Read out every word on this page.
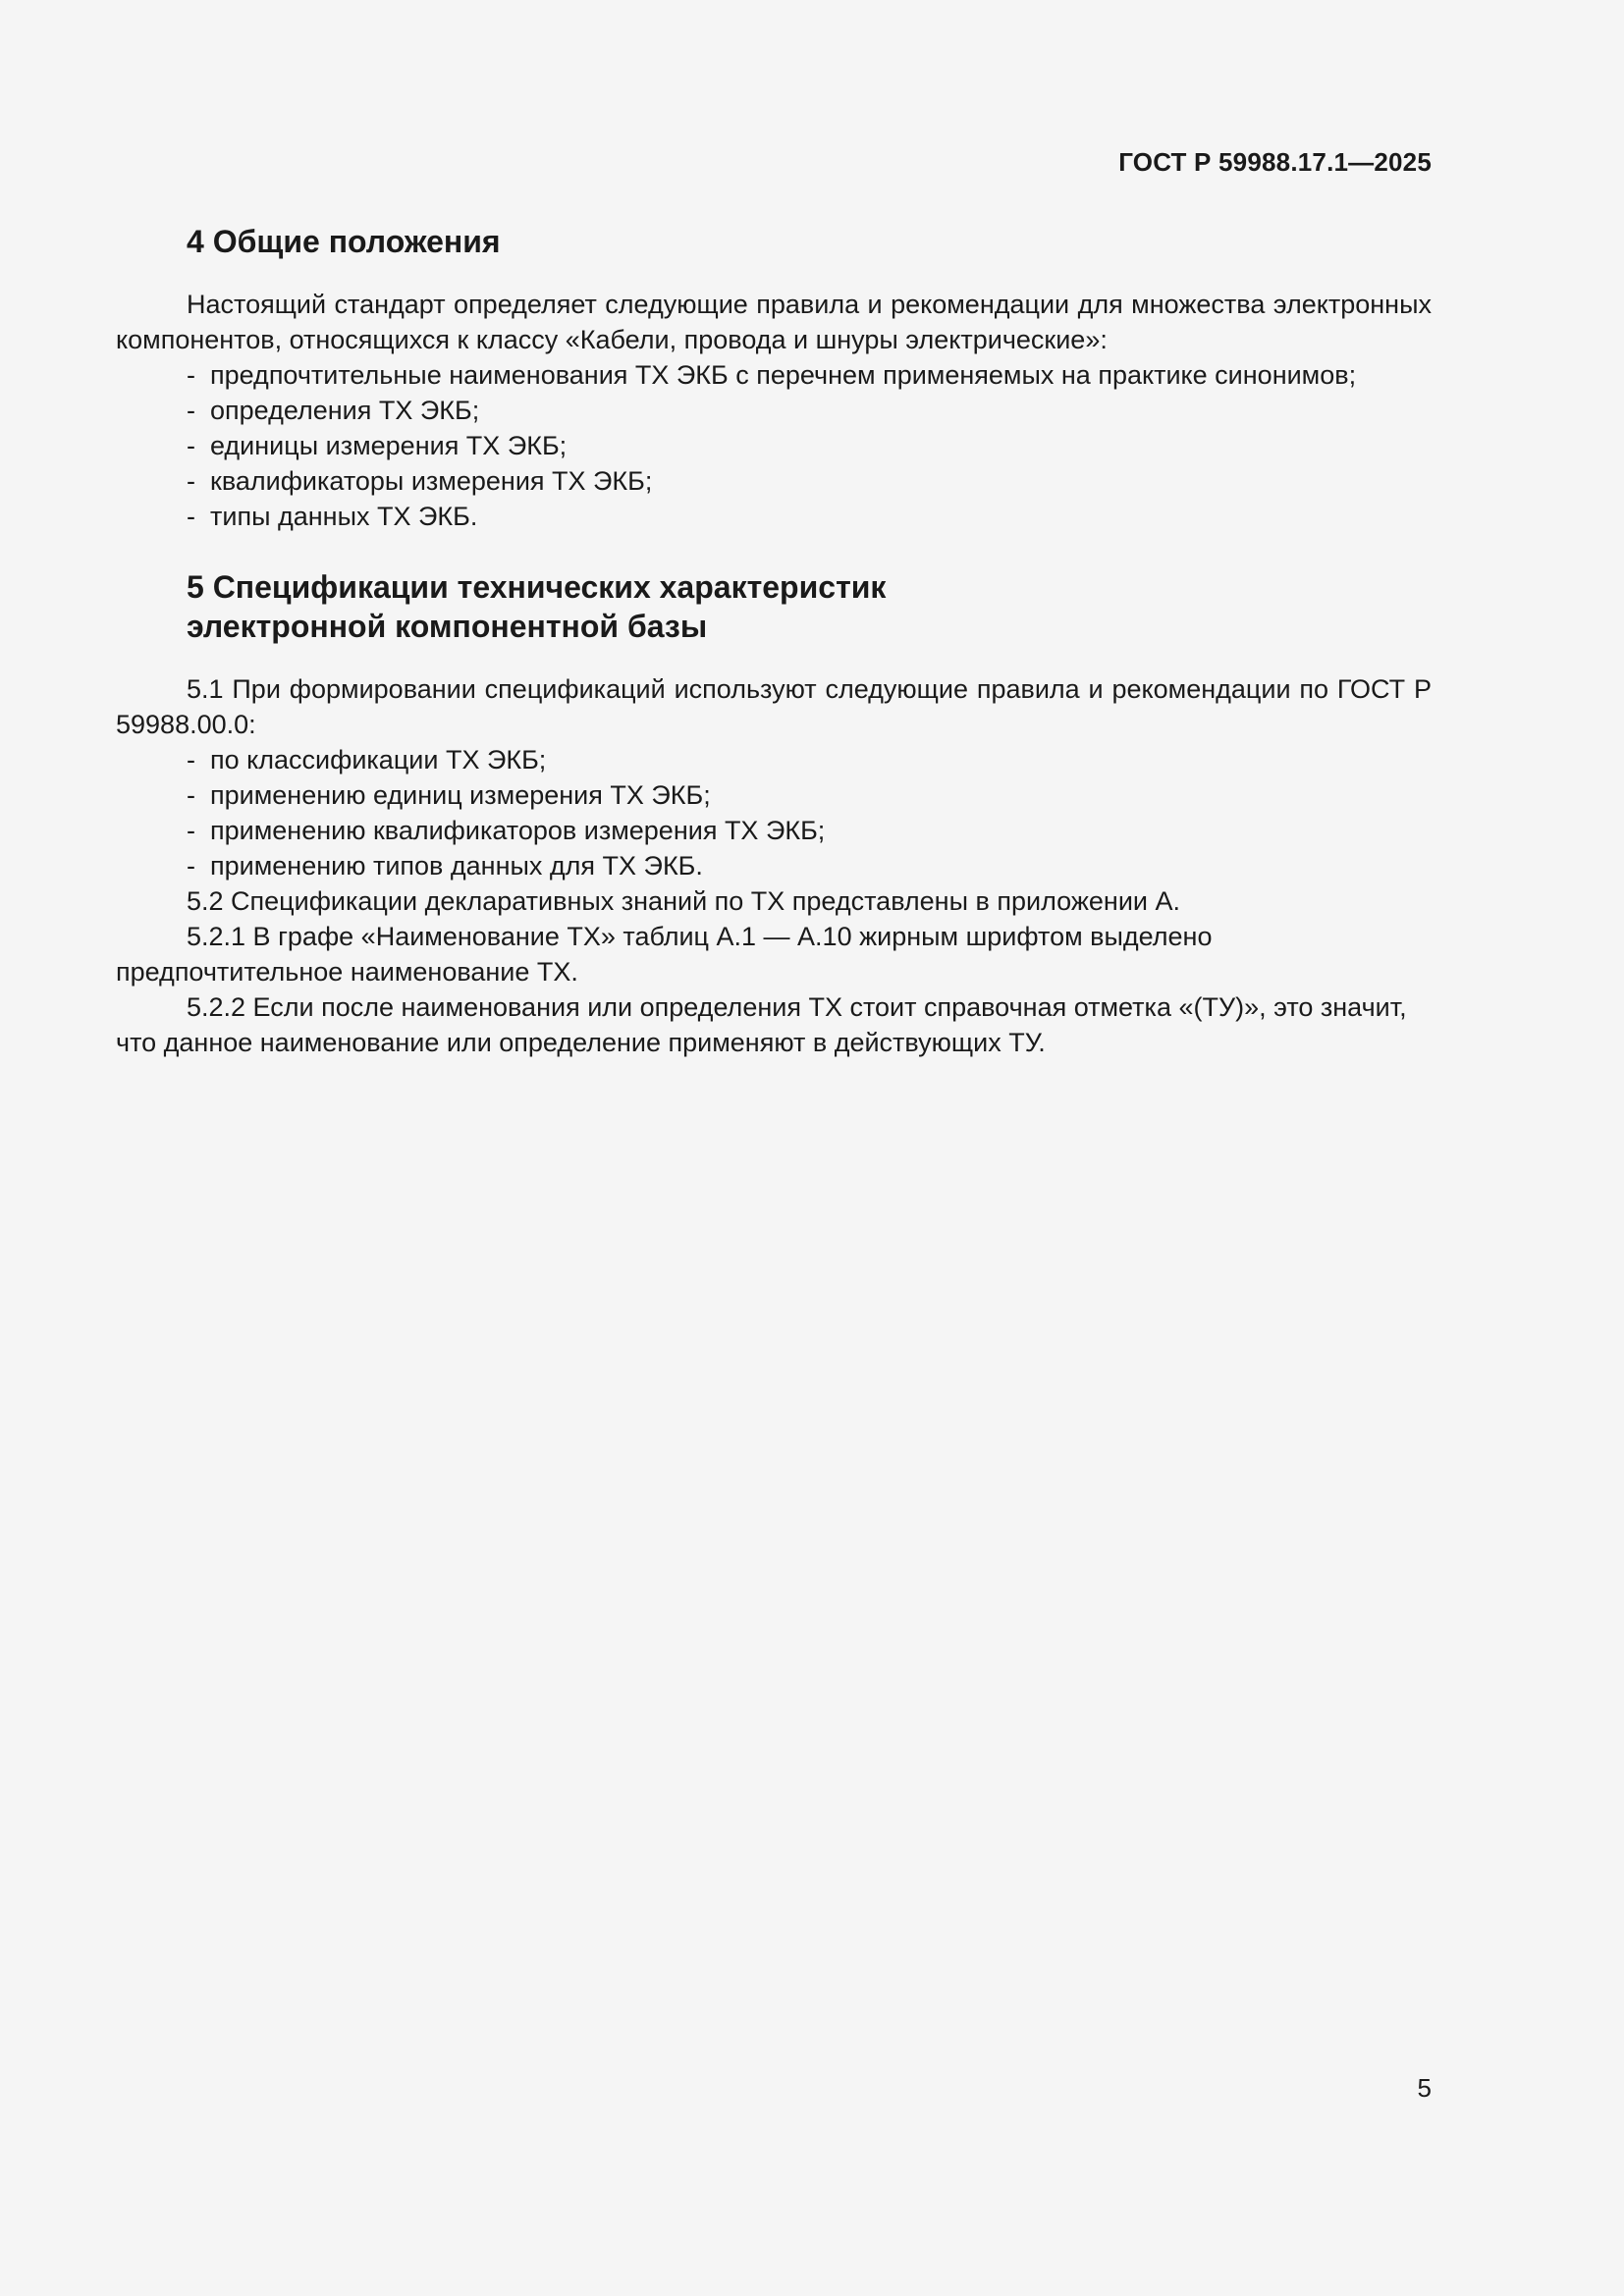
ГОСТ Р 59988.17.1—2025
4 Общие положения

Настоящий стандарт определяет следующие правила и рекомендации для множества электронных компонентов, относящихся к классу «Кабели, провода и шнуры электрические»:

- предпочтительные наименования ТХ ЭКБ с перечнем применяемых на практике синонимов;
- определения ТХ ЭКБ;
- единицы измерения ТХ ЭКБ;
- квалификаторы измерения ТХ ЭКБ;
- типы данных ТХ ЭКБ.
5 Спецификации технических характеристик
электронной компонентной базы

5.1 При формировании спецификаций используют следующие правила и рекомендации по ГОСТ Р 59988.00.0:

- по классификации ТХ ЭКБ;
- применению единиц измерения ТХ ЭКБ;
- применению квалификаторов измерения ТХ ЭКБ;
- применению типов данных для ТХ ЭКБ.

5.2 Спецификации декларативных знаний по ТХ представлены в приложении А.

5.2.1 В графе «Наименование ТХ» таблиц А.1 — А.10 жирным шрифтом выделено предпочтительное наименование ТХ.

5.2.2 Если после наименования или определения ТХ стоит справочная отметка «(ТУ)», это значит, что данное наименование или определение применяют в действующих ТУ.

5
